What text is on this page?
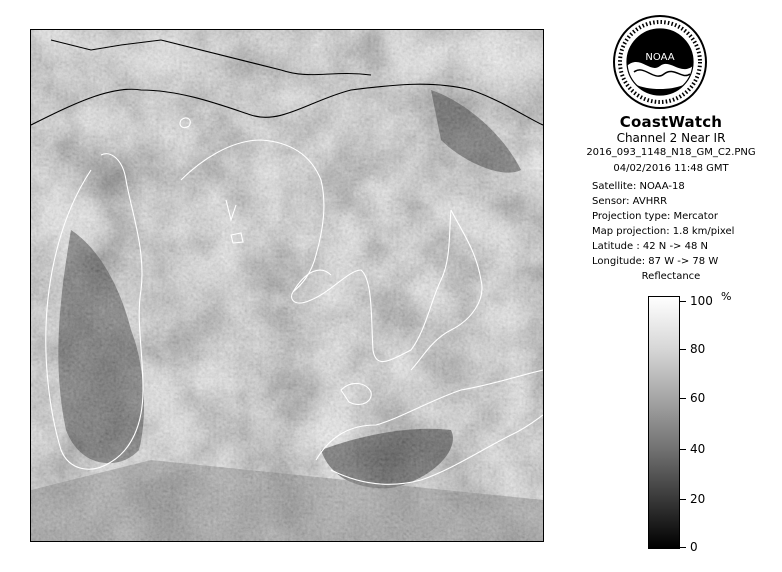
NOAA
CoastWatch
Channel 2 Near IR
2016_093_1148_N18_GM_C2.PNG
04/02/2016 11:48 GMT
Satellite: NOAA-18
Sensor: AVHRR
Projection type: Mercator
Map projection: 1.8 km/pixel
Latitude : 42 N -> 48 N
Longitude: 87 W -> 78 W
Reflectance
%
100
80
60
40
20
0
